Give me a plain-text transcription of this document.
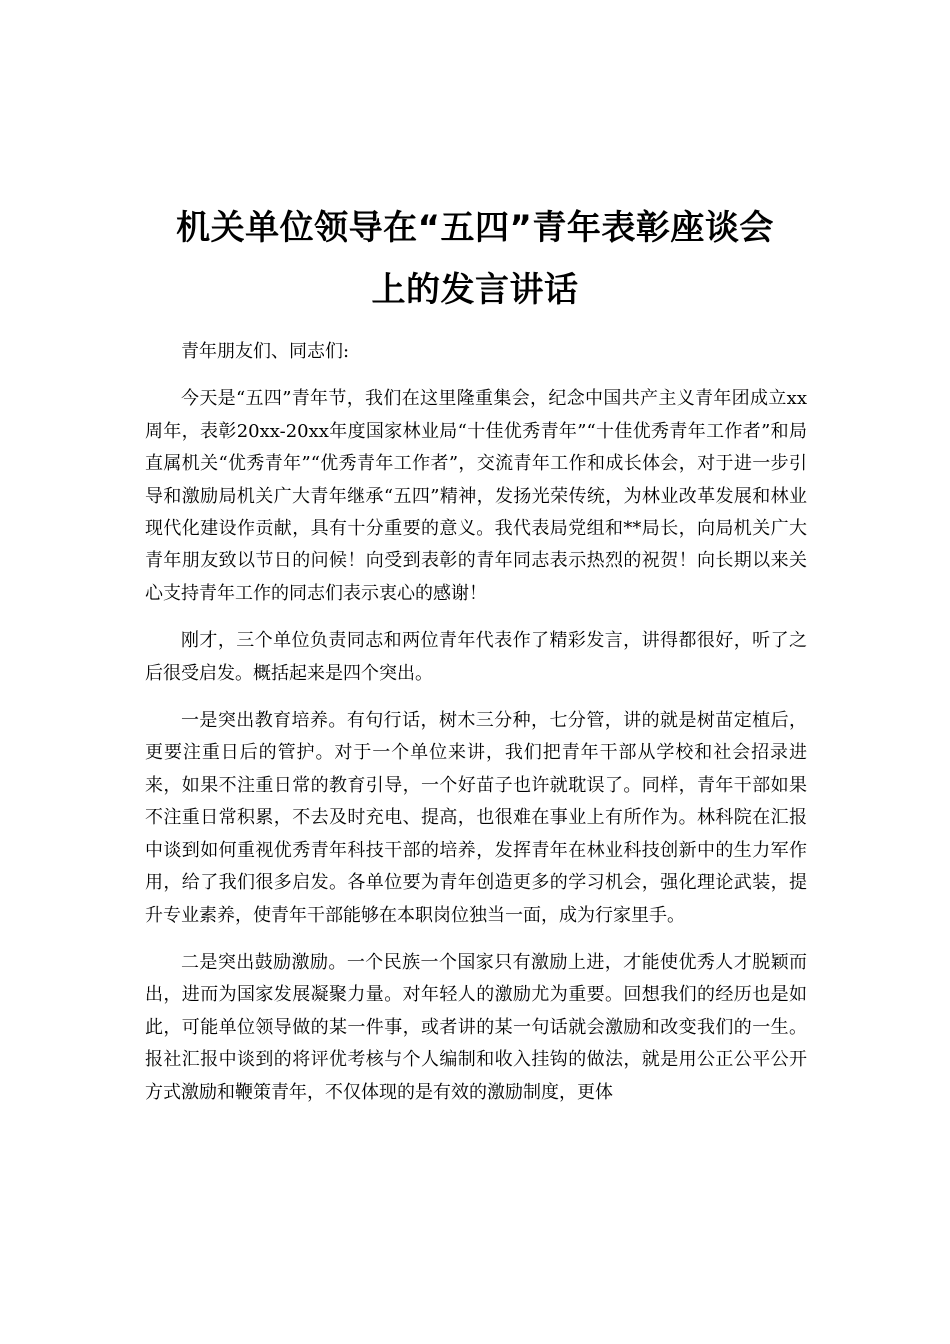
机关单位领导在“五四”青年表彰座谈会
上的发言讲话

青年朋友们、同志们:

今天是“五四”青年节，我们在这里隆重集会，纪念中国共产主义青年团成立xx周年，表彰20xx-20xx年度国家林业局“十佳优秀青年”“十佳优秀青年工作者”和局直属机关“优秀青年”“优秀青年工作者”，交流青年工作和成长体会，对于进一步引导和激励局机关广大青年继承“五四”精神，发扬光荣传统，为林业改革发展和林业现代化建设作贡献，具有十分重要的意义。我代表局党组和**局长，向局机关广大青年朋友致以节日的问候！向受到表彰的青年同志表示热烈的祝贺！向长期以来关心支持青年工作的同志们表示衷心的感谢！

刚才，三个单位负责同志和两位青年代表作了精彩发言，讲得都很好，听了之后很受启发。概括起来是四个突出。

一是突出教育培养。有句行话，树木三分种，七分管，讲的就是树苗定植后，更要注重日后的管护。对于一个单位来讲，我们把青年干部从学校和社会招录进来，如果不注重日常的教育引导，一个好苗子也许就耽误了。同样，青年干部如果不注重日常积累，不去及时充电、提高，也很难在事业上有所作为。林科院在汇报中谈到如何重视优秀青年科技干部的培养，发挥青年在林业科技创新中的生力军作用，给了我们很多启发。各单位要为青年创造更多的学习机会，强化理论武装，提升专业素养，使青年干部能够在本职岗位独当一面，成为行家里手。

二是突出鼓励激励。一个民族一个国家只有激励上进，才能使优秀人才脱颖而出，进而为国家发展凝聚力量。对年轻人的激励尤为重要。回想我们的经历也是如此，可能单位领导做的某一件事，或者讲的某一句话就会激励和改变我们的一生。报社汇报中谈到的将评优考核与个人编制和收入挂钩的做法，就是用公正公平公开方式激励和鞭策青年，不仅体现的是有效的激励制度，更体
